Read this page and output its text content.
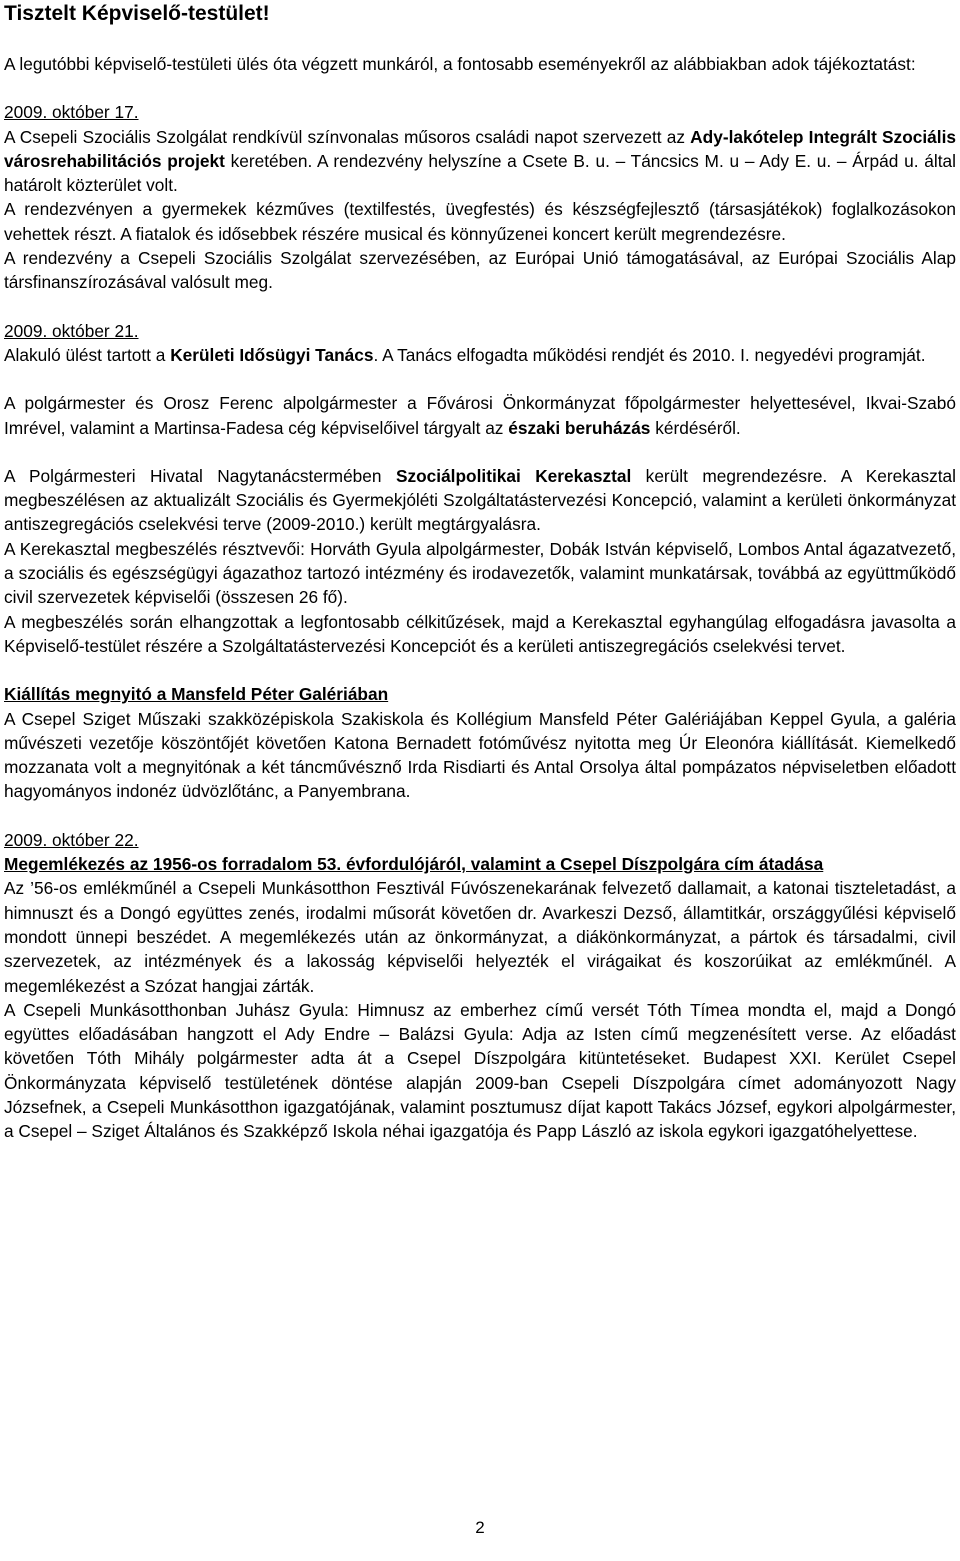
Tisztelt Képviselő-testület!

A legutóbbi képviselő-testületi ülés óta végzett munkáról, a fontosabb eseményekről az alábbiakban adok tájékoztatást:

2009. október 17.

A Csepeli Szociális Szolgálat rendkívül színvonalas műsoros családi napot szervezett az Ady-lakótelep Integrált Szociális városrehabilitációs projekt keretében. A rendezvény helyszíne a Csete B. u. – Táncsics M. u – Ady E. u. – Árpád u. által határolt közterület volt.

A rendezvényen a gyermekek kézműves (textilfestés, üvegfestés) és készségfejlesztő (társasjátékok) foglalkozásokon vehettek részt. A fiatalok és idősebbek részére musical és könnyűzenei koncert került megrendezésre.

A rendezvény a Csepeli Szociális Szolgálat szervezésében, az Európai Unió támogatásával, az Európai Szociális Alap társfinanszírozásával valósult meg.

2009. október 21.

Alakuló ülést tartott a Kerületi Idősügyi Tanács. A Tanács elfogadta működési rendjét és 2010. I. negyedévi programját.

A polgármester és Orosz Ferenc alpolgármester a Fővárosi Önkormányzat főpolgármester helyettesével, Ikvai-Szabó Imrével, valamint a Martinsa-Fadesa cég képviselőivel tárgyalt az északi beruházás kérdéséről.

A Polgármesteri Hivatal Nagytanácstermében Szociálpolitikai Kerekasztal került megrendezésre. A Kerekasztal megbeszélésen az aktualizált Szociális és Gyermekjóléti Szolgáltatástervezési Koncepció, valamint a kerületi önkormányzat antiszegregációs cselekvési terve (2009-2010.) került megtárgyalásra.

A Kerekasztal megbeszélés résztvevői: Horváth Gyula alpolgármester, Dobák István képviselő, Lombos Antal ágazatvezető, a szociális és egészségügyi ágazathoz tartozó intézmény és irodavezetők, valamint munkatársak, továbbá az együttműködő civil szervezetek képviselői (összesen 26 fő).

A megbeszélés során elhangzottak a legfontosabb célkitűzések, majd a Kerekasztal egyhangúlag elfogadásra javasolta a Képviselő-testület részére a Szolgáltatástervezési Koncepciót és a kerületi antiszegregációs cselekvési tervet.

Kiállítás megnyitó a Mansfeld Péter Galériában

A Csepel Sziget Műszaki szakközépiskola Szakiskola és Kollégium Mansfeld Péter Galériájában Keppel Gyula, a galéria művészeti vezetője köszöntőjét követően Katona Bernadett fotóművész nyitotta meg Úr Eleonóra kiállítását. Kiemelkedő mozzanata volt a megnyitónak a két táncművésznő Irda Risdiarti és Antal Orsolya által pompázatos népviseletben előadott hagyományos indonéz üdvözlőtánc, a Panyembrana.

2009. október 22.

Megemlékezés az 1956-os forradalom 53. évfordulójáról, valamint a Csepel Díszpolgára cím átadása

Az ’56-os emlékműnél a Csepeli Munkásotthon Fesztivál Fúvószenekarának felvezető dallamait, a katonai tiszteletadást, a himnuszt és a Dongó együttes zenés, irodalmi műsorát követően dr. Avarkeszi Dezső, államtitkár, országgyűlési képviselő mondott ünnepi beszédet. A megemlékezés után az önkormányzat, a diákönkormányzat, a pártok és társadalmi, civil szervezetek, az intézmények és a lakosság képviselői helyezték el virágaikat és koszorúikat az emlékműnél. A megemlékezést a Szózat hangjai zárták.

A Csepeli Munkásotthonban Juhász Gyula: Himnusz az emberhez című versét Tóth Tímea mondta el, majd a Dongó együttes előadásában hangzott el Ady Endre – Balázsi Gyula: Adja az Isten című megzenésített verse. Az előadást követően Tóth Mihály polgármester adta át a Csepel Díszpolgára kitüntetéseket. Budapest XXI. Kerület Csepel Önkormányzata képviselő testületének döntése alapján 2009-ban Csepeli Díszpolgára címet adományozott Nagy Józsefnek, a Csepeli Munkásotthon igazgatójának, valamint posztumusz díjat kapott Takács József, egykori alpolgármester, a Csepel – Sziget Általános és Szakképző Iskola néhai igazgatója és Papp László az iskola egykori igazgatóhelyettese.

2
